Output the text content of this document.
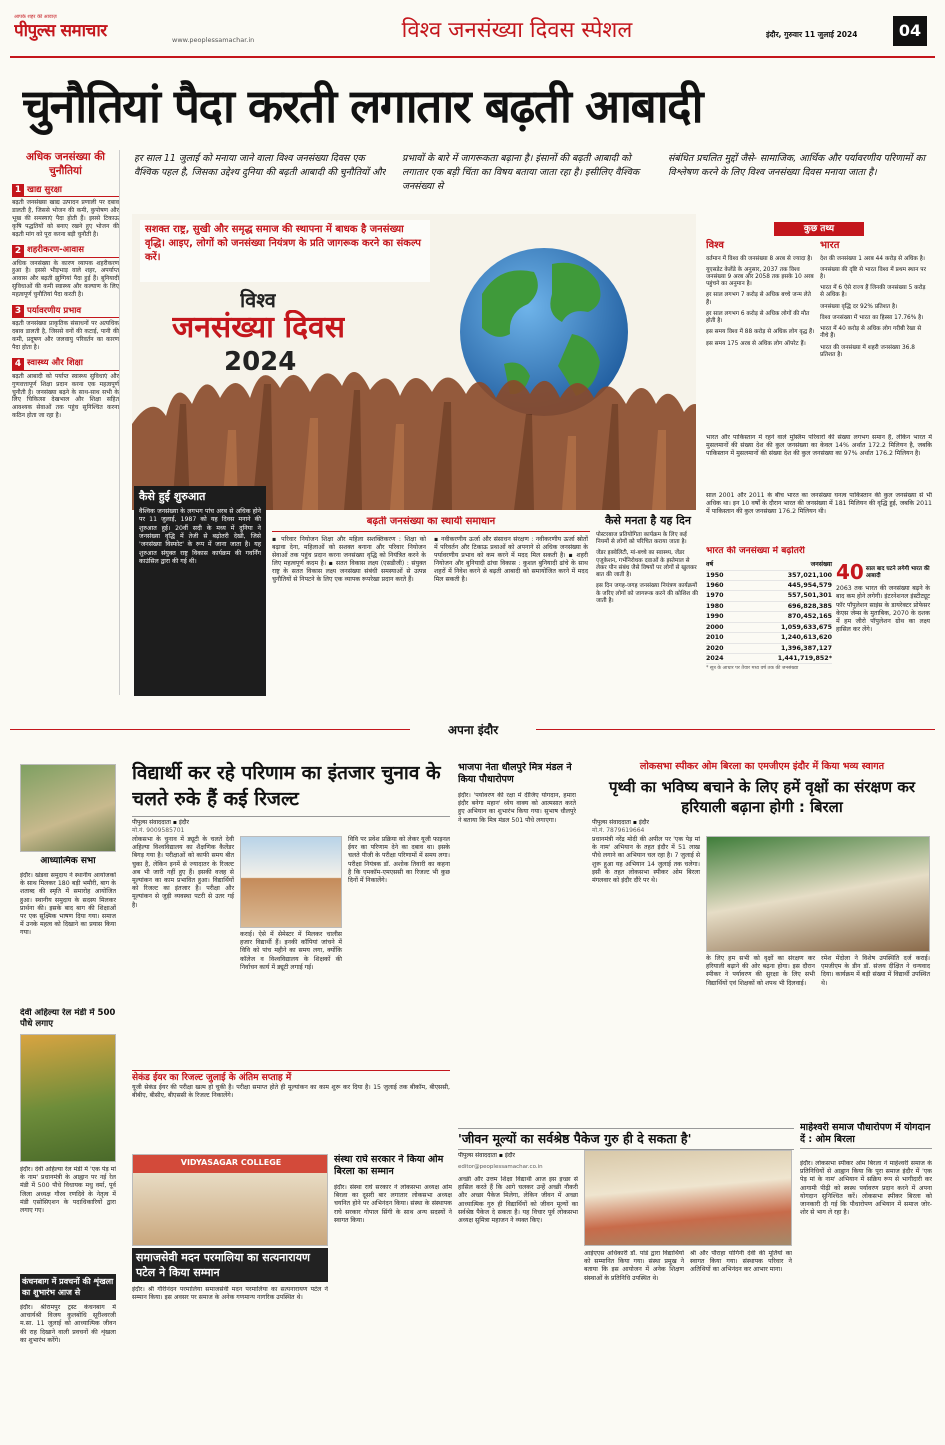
आपके शहर की आवाज़
पीपुल्स समाचार	www.peoplessamachar.in	विश्व जनसंख्या दिवस स्पेशल	इंदौर, गुरुवार 11 जुलाई 2024	04
चुनौतियां पैदा करती लगातार बढ़ती आबादी
अधिक जनसंख्या की चुनौतियां
1 खाद्य सुरक्षा
बढ़ती जनसंख्या खाद्य उत्पादन प्रणाली पर दबाव डालती है, जिससे भोजन की कमी, कुपोषण और भूख की समस्याएं पैदा होती हैं। इससे टिकाऊ कृषि पद्धतियों को बनाए रखने हुए भोजन की बढ़ती मांग को पूरा करना बड़ी चुनौती है।
2 शहरीकरण-आवास
अधिक जनसंख्या के कारण व्यापक शहरीकरण हुआ है। इससे भीड़भाड़ वाले शहर, अपर्याप्त आवास और बढ़ती झुग्गियां पैदा हुई हैं। बुनियादी सुविधाओं की कमी स्वास्थ्य और कल्याण के लिए महत्वपूर्ण चुनौतियां पैदा करती है।
3 पर्यावरणीय प्रभाव
बढ़ती जनसंख्या प्राकृतिक संसाधनों पर अत्यधिक दबाव डालती है, जिससे वनों की कटाई, पानी की कमी, प्रदूषण और जलवायु परिवर्तन का कारण पैदा होता है।
4 स्वास्थ्य और शिक्षा
बढ़ती आबादी को पर्याप्त स्वास्थ्य सुविधाएं और गुणवत्तापूर्ण शिक्षा प्रदान करना एक महत्वपूर्ण चुनौती है। जनसंख्या बढ़ने के साथ-साथ सभी के लिए चिकित्सा देखभाल और शिक्षा सहित आवश्यक सेवाओं तक पहुंच सुनिश्चित करना कठिन होता जा रहा है।
हर साल 11 जुलाई को मनाया जाने वाला विश्व जनसंख्या दिवस एक वैश्विक पहल है, जिसका उद्देश्य दुनिया की बढ़ती आबादी की चुनौतियों और
प्रभावों के बारे में जागरूकता बढ़ाना है। इंसानों की बढ़ती आबादी को लगातार एक बड़ी चिंता का विषय बताया जाता रहा है। इसीलिए वैश्विक जनसंख्या से
संबंधित प्रचलित मुद्दों जैसे- सामाजिक, आर्थिक और पर्यावरणीय परिणामों का विश्लेषण करने के लिए विश्व जनसंख्या दिवस मनाया जाता है।
सशक्त राष्ट्र, सुखी और समृद्ध समाज की स्थापना में बाधक है जनसंख्या वृद्धि। आइए, लोगों को जनसंख्या नियंत्रण के प्रति जागरूक करने का संकल्प करें।
विश्व
जनसंख्या दिवस
2024
कैसे हुई शुरुआत
वैश्विक जनसंख्या के लगभग पांच अरब से अधिक होने पर 11 जुलाई, 1987 को यह दिवस मनाने की शुरुआत हुई। 20वीं सदी के मध्य में दुनिया ने जनसंख्या वृद्धि में तेजी से बढ़ोतरी देखी, जिसे 'जनसंख्या विस्फोट' के रूप में जाना जाता है। यह शुरुआत संयुक्त राष्ट्र विकास कार्यक्रम की गवर्निंग काउंसिल द्वारा की गई थी।
बढ़ती जनसंख्या का स्थायी समाधान
▪ परिवार नियोजन शिक्षा और महिला सशक्तिकरण : शिक्षा को बढ़ावा देना, महिलाओं को सशक्त बनाना और परिवार नियोजन सेवाओं तक पहुंच प्रदान करना जनसंख्या वृद्धि को नियंत्रित करने के लिए महत्वपूर्ण कदम है। ▪ सतत विकास लक्ष्य (एसडीजी) : संयुक्त राष्ट्र के सतत विकास लक्ष्य जनसंख्या संबंधी समस्याओं से उत्पन्न चुनौतियों से निपटने के लिए एक व्यापक रूपरेखा प्रदान करते हैं।
▪ नवीकरणीय ऊर्जा और संसाधन संरक्षण : नवीकरणीय ऊर्जा स्रोतों में परिवर्तन और टिकाऊ प्रथाओं को अपनाने से अधिक जनसंख्या के पर्यावरणीय प्रभाव को कम करने में मदद मिल सकती है। ▪ शहरी नियोजन और बुनियादी ढांचा विकास : कुशल बुनियादी ढांचे के साथ शहरों में निवेश करने से बढ़ती आबादी को समायोजित करने में मदद मिल सकती है।
कैसे मनता है यह दिन
पोस्टरबाज प्रतियोगिता कार्यक्रम के लिए कई नियमों से लोगों को परिचित कराया जाता है।
जेंडर इक्वेलिटी, मां-बच्चे का स्वास्थ्य, जेंडर एजुकेशन, गर्भनिरोधक दवाओं के इस्तेमाल से लेकर यौन संबंध जैसे विषयों पर लोगों से खुलकर बात की जाती है।
इस दिन जगह-जगह जनसंख्या नियंत्रण कार्यक्रमों के जरिए लोगों को जागरूक करने की कोशिश की जाती है।
कुछ तथ्य
विश्व
वर्तमान में विश्व की जनसंख्या 8 अरब से ज्यादा है।
यूएसडेट केलेंडे के अनुसार, 2037 तक विश्व जनसंख्या 9 अरब और 2058 तक इसके 10 अरब पहुंचने का अनुमान है।
हर साल लगभग 7 करोड़ से अधिक बच्चे जन्म लेते हैं।
हर साल लगभग 6 करोड़ से अधिक लोगों की मौत होती है।
इस समय विश्व में 88 करोड़ से अधिक लोग वृद्ध हैं।
इस समय 175 अरब से अधिक लोग ऑपरेट हैं।
भारत
देश की जनसंख्या 1 अरब 44 करोड़ से अधिक है।
जनसंख्या की दृष्टि से भारत विश्व में प्रथम स्थान पर है।
भारत में 6 ऐसे राज्य हैं जिनकी जनसंख्या 5 करोड़ से अधिक है।
जनसंख्या वृद्धि दर 92% प्रतिशत है।
विश्व जनसंख्या में भारत का हिस्सा 17.76% है।
भारत में 40 करोड़ से अधिक लोग गरीबी रेखा से नीचे हैं।
भारत की जनसंख्या में शहरी जनसंख्या 36.8 प्रतिशत है।
भारत और पाकिस्तान में रहने वाले मुस्लिम परिवारों की संख्या लगभग समान है, लेकिन भारत में मुसलमानों की संख्या देश की कुल जनसंख्या का केवल 14% अर्थात 172.2 मिलियन है, जबकि पाकिस्तान में मुसलमानों की संख्या देश की कुल जनसंख्या का 97% अर्थात 176.2 मिलियन है।
साल 2001 और 2011 के बीच भारत का जनसंख्या घनत्व पाकिस्तान की कुल जनसंख्या से भी अधिक था। इन 10 वर्षों के दौरान भारत की जनसंख्या में 181 मिलियन की वृद्धि हुई, जबकि 2011 में पाकिस्तान की कुल जनसंख्या 176.2 मिलियन थी।
भारत की जनसंख्या में बढ़ोतरी
वर्ष	जनसंख्या
1950	357,021,100
1960	445,954,579
1970	557,501,301
1980	696,828,385
1990	870,452,165
2000	1,059,633,675
2010	1,240,613,620
2020	1,396,387,127
2024	1,441,719,852*
* सूत्र के आधार पर तैयार मध्य वर्ष तक की जनसंख्या
40 साल बाद घटने लगेगी भारत की आबादी
2063 तक भारत की जनसंख्या बढ़ने के बाद कम होने लगेगी। इंटरनेशनल इंस्टीट्यूट फॉर पॉपुलेशन साइंस के डायरेक्टर प्रोफेसर केएस जेम्स के मुताबिक, 2070 के दशक में हम जीरो पॉपुलेशन ग्रोथ का लक्ष्य हासिल कर लेंगे।
अपना इंदौर
आध्यात्मिक सभा
इंदौर। खंडवा समुदाय ने स्थानीय आयोजकों के साथ मिलकर 180 बड़ी भमौरी, बाग के शताब्द की स्मृति में समारोह आयोजित हुआ। स्थानीय समुदाय के सदस्य मिलकर प्रार्थना की। इसके बाद बाग की शिक्षाओं पर एक सूक्ष्मिक भाषण दिया गया। समाज में उनके महत्व को दिखाने का प्रयास किया गया।
देवी अहिल्या रेल मंडी में 500 पौधे लगाए
इंदौर। देवी अहिल्या रेल मंडी में 'एक पेड़ मां के नाम' प्रधानमंत्री के आह्वान पर नई रेल मंडी में 500 पौधे विधायक मधु वर्मा, पूर्व जिला अध्यक्ष गौरव रणदिवे के नेतृत्व में मंडी एसोसिएशन के पदाधिकारियों द्वारा लगाए गए।
कंचनबाग में प्रवचनों की शृंखला का शुभारंभ आज से
इंदौर। श्रीरामपुर ट्रस्ट कंचनबाग में आचार्यश्री विजय कुलबोधि सूरीश्वरजी म.सा. 11 जुलाई को आध्यात्मिक जीवन की राह दिखाने वाली प्रवचनों की शृंखला का शुभारंभ करेंगे।
विद्यार्थी कर रहे परिणाम का इंतजार चुनाव के चलते रुके हैं कई रिजल्ट
पीपुल्स संवाददाता ▪ इंदौर
मो.नं. 9009585701
लोकसभा के चुनाव में ड्यूटी के चलते देवी अहिल्या विश्वविद्यालय का शैक्षणिक कैलेंडर बिगड़ गया है। परीक्षाओं को काफी समय बीत चुका है, लेकिन इनमें से ज्यादातर के रिजल्ट अब भी जारी नहीं हुए हैं। इसकी वजह से मूल्यांकन का काम प्रभावित हुआ। विद्यार्थियों को रिजल्ट का इंतजार है। परीक्षा और मूल्यांकन से जुड़ी व्यवस्था पटरी से उतर गई है।
कराई। ऐसे में सेमेस्टर में मिलकर चालीस हजार विद्यार्थी हैं। इनकी कॉपियां जांचने में विवि को पांच महीने का समय लगा, क्योंकि कॉलेज व विश्वविद्यालय के शिक्षकों की निर्वाचन कार्य में ड्यूटी लगाई गई।
विवि पर प्रवेश प्रक्रिया को लेकर यूजी फाइनल ईयर का परिणाम देने का दबाव था। इसके चलते पीजी के परीक्षा परिणामों में समय लगा। परीक्षा नियंत्रक डॉ. अशोक तिवारी का कहना है कि एमकॉम-एमएससी का रिजल्ट भी कुछ दिनों में निकालेंगे।
सेकंड ईयर का रिजल्ट जुलाई के अंतिम सप्ताह में
यूजी सेकंड ईयर की परीक्षा खत्म हो चुकी है। परीक्षा समाप्त होते ही मूल्यांकन का काम शुरू कर दिया है। 15 जुलाई तक बीकॉम, बीएससी, बीबीए, बीसीए, बीएससी के रिजल्ट निकालेंगे।
VIDYASAGAR COLLEGE
समाजसेवी मदन परमालिया का सत्यनारायण पटेल ने किया सम्मान
इंदौर। श्री गौरीनंदन परमालिया समाजसेवी मदन परमालिया का सत्यनारायण पटेल ने सम्मान किया। इस अवसर पर समाज के अनेक गणमान्य नागरिक उपस्थित थे।
संस्था राघे सरकार ने किया ओम बिरला का सम्मान
इंदौर। संस्था राघे सरकार ने लोकसभा अध्यक्ष ओम बिरला का दूसरी बार लगातार लोकसभा अध्यक्ष चयनित होने पर अभिनंदन किया। संस्था के संस्थापक राघे सरकार गोपाल सिंगी के साथ अन्य सदस्यों ने स्वागत किया।
भाजपा नेता धौलपुरे मित्र मंडल ने किया पौधारोपण
इंदौर। 'पर्यावरण की रक्षा में दीजिए योगदान, हमारा इंदौर बनेगा महान' ध्येय वाक्य को आत्मसात करते हुए अभियान का शुभारंभ किया गया। सुभाष धौलपुरे ने बताया कि मित्र मंडल 501 पौधे लगाएगा।
लोकसभा स्पीकर ओम बिरला का एमजीएम इंदौर में किया भव्य स्वागत
पृथ्वी का भविष्य बचाने के लिए हमें वृक्षों का संरक्षण कर हरियाली बढ़ाना होगी : बिरला
पीपुल्स संवाददाता ▪ इंदौर
मो.नं. 7879619664
प्रधानमंत्री नरेंद्र मोदी की अपील पर 'एक पेड़ मां के नाम' अभियान के तहत इंदौर में 51 लाख पौधे लगाने का अभियान चल रहा है। 7 जुलाई से शुरू हुआ यह अभियान 14 जुलाई तक चलेगा। इसी के तहत लोकसभा स्पीकर ओम बिरला मंगलवार को इंदौर दौरे पर थे।
के लिए हम सभी को वृक्षों का संरक्षण कर हरियाली बढ़ाने की ओर बढ़ना होगा। इस दौरान स्पीकर ने पर्यावरण की सुरक्षा के लिए सभी विद्यार्थियों एवं शिक्षकों को शपथ भी दिलवाई।
रमेश मेंदोला ने विशेष उपस्थिति दर्ज कराई। एमजीएम के डीन डॉ. संजय दीक्षित ने धन्यवाद दिया। कार्यक्रम में बड़ी संख्या में विद्यार्थी उपस्थित थे।
'जीवन मूल्यों का सर्वश्रेष्ठ पैकेज गुरु ही दे सकता है'
पीपुल्स संवाददाता ▪ इंदौर
editor@peoplessamachar.co.in
अच्छी और उत्तम शिक्षा विद्यार्थी आज इस इच्छा से हासिल करते हैं कि आगे चलकर उन्हें अच्छी नौकरी और अच्छा पैकेज मिलेगा, लेकिन जीवन में अच्छा आध्यात्मिक गुरु ही विद्यार्थियों को जीवन मूल्यों का सर्वश्रेष्ठ पैकेज दे सकता है। यह विचार पूर्व लोकसभा अध्यक्ष सुमित्रा महाजन ने व्यक्त किए।
आईएएस अधिकारी डॉ. पांडे द्वारा विद्यार्थियों को सम्मानित किया गया। संस्था प्रमुख ने बताया कि इस आयोजन में अनेक शिक्षण संस्थाओं के प्रतिनिधि उपस्थित थे।
श्री और पौराहा योगिनी देवी की मूर्तियों का स्वागत किया गया। संस्थापक परिवार ने अतिथियों का अभिनंदन कर आभार माना।
माहेश्वरी समाज पौधारोपण में योगदान दें : ओम बिरला
इंदौर। लोकसभा स्पीकर ओम बिरला ने माहेश्वरी समाज के प्रतिनिधियों से आह्वान किया कि पूरा समाज इंदौर में 'एक पेड़ मां के नाम' अभियान में सक्रिय रूप से भागीदारी कर आगामी पीढ़ी को स्वस्थ पर्यावरण प्रदान करने में अपना योगदान सुनिश्चित करें। लोकसभा स्पीकर बिरला को जानकारी दी गई कि पौधारोपण अभियान में समाज जोर-शोर से भाग ले रहा है।
